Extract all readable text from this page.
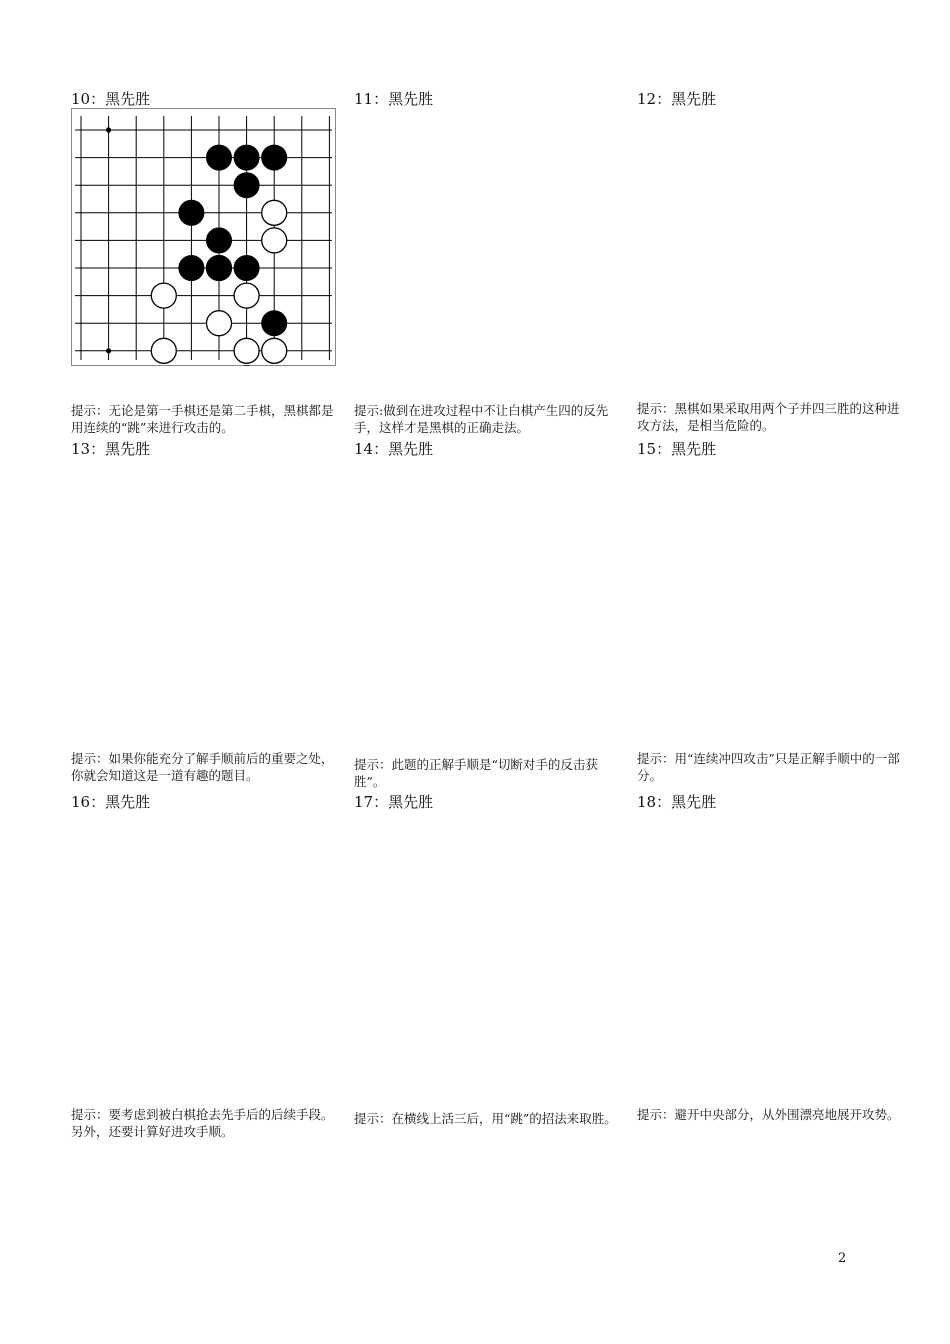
10：黑先胜
提示：无论是第一手棋还是第二手棋，黑棋都是用连续的“跳”来进行攻击的。
11：黑先胜
提示:做到在进攻过程中不让白棋产生四的反先手，这样才是黑棋的正确走法。
12：黑先胜
提示：黑棋如果采取用两个子并四三胜的这种进攻方法，是相当危险的。
13：黑先胜
提示：如果你能充分了解手顺前后的重要之处，你就会知道这是一道有趣的题目。
14：黑先胜
提示：此题的正解手顺是“切断对手的反击获胜”。
15：黑先胜
提示：用“连续冲四攻击”只是正解手顺中的一部分。
16：黑先胜
提示：要考虑到被白棋抢去先手后的后续手段。另外，还要计算好进攻手顺。
17：黑先胜
提示：在横线上活三后，用“跳”的招法来取胜。
18：黑先胜
提示：避开中央部分，从外围漂亮地展开攻势。
2
